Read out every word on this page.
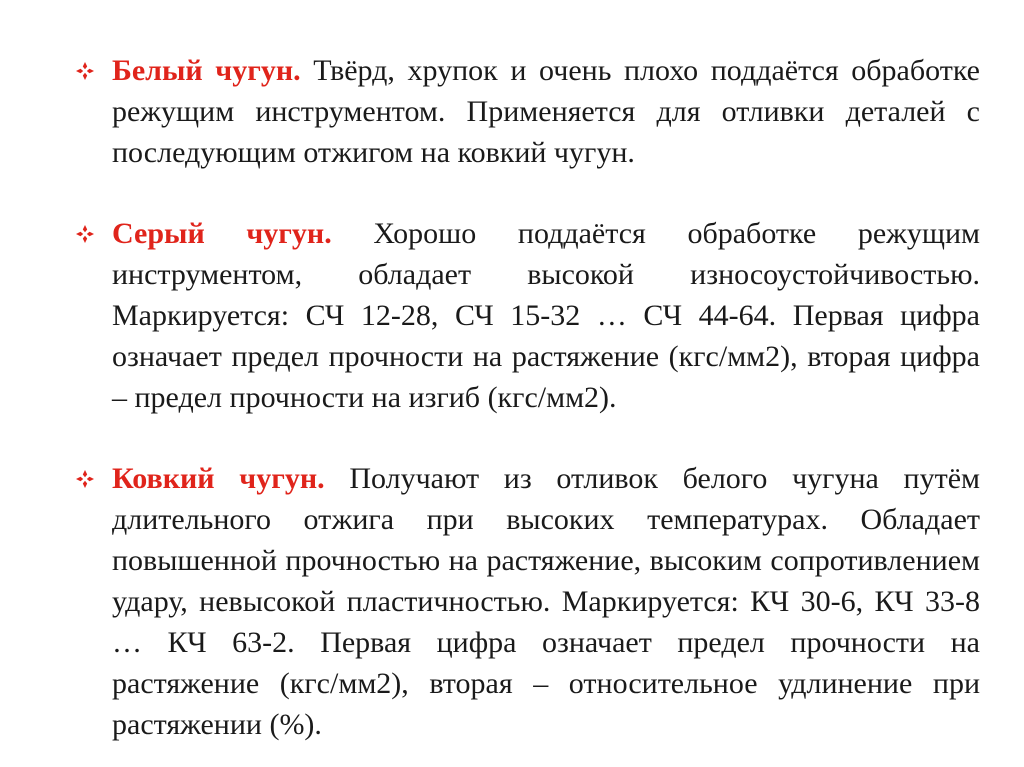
Белый чугун. Твёрд, хрупок и очень плохо поддаётся обработке режущим инструментом. Применяется для отливки деталей с последующим отжигом на ковкий чугун.
Серый чугун. Хорошо поддаётся обработке режущим инструментом, обладает высокой износоустойчивостью. Маркируется: СЧ 12-28, СЧ 15-32 … СЧ 44-64. Первая цифра означает предел прочности на растяжение (кгс/мм2), вторая цифра – предел прочности на изгиб (кгс/мм2).
Ковкий чугун. Получают из отливок белого чугуна путём длительного отжига при высоких температурах. Обладает повышенной прочностью на растяжение, высоким сопротивлением удару, невысокой пластичностью. Маркируется: КЧ 30-6, КЧ 33-8 … КЧ 63-2. Первая цифра означает предел прочности на растяжение (кгс/мм2), вторая – относительное удлинение при растяжении (%).
